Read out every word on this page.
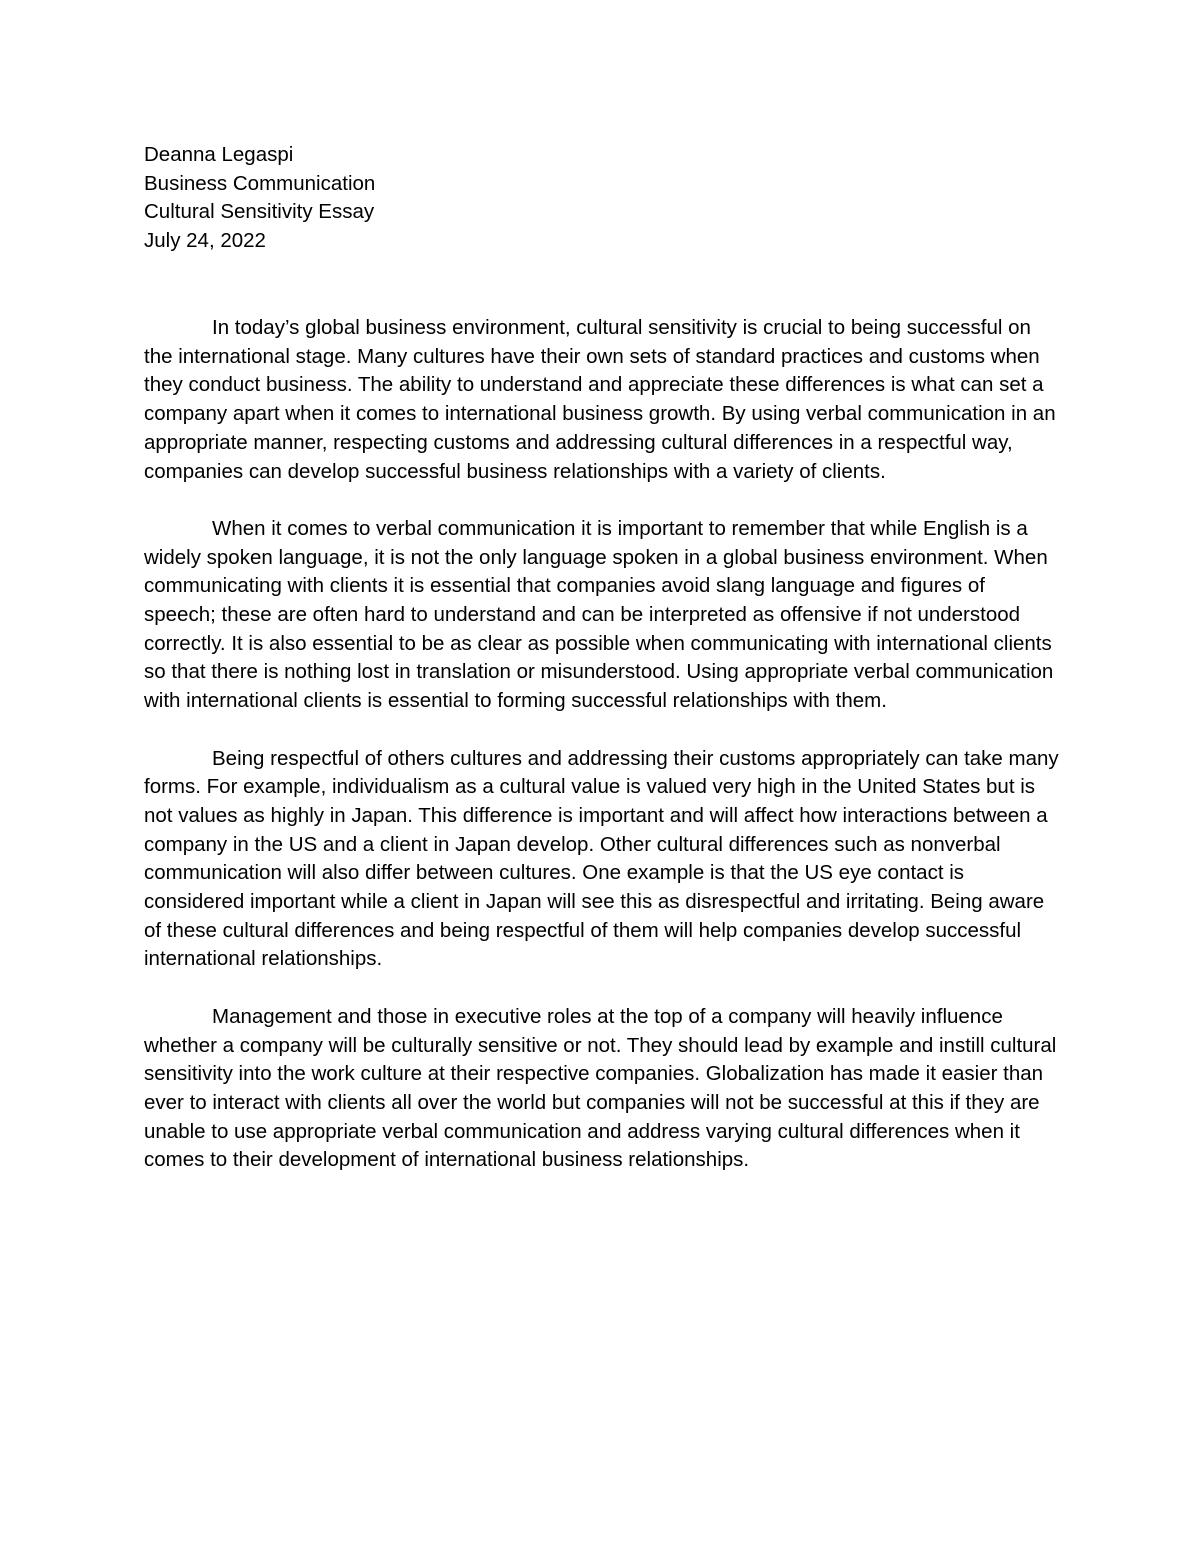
Deanna Legaspi
Business Communication
Cultural Sensitivity Essay
July 24, 2022

In today’s global business environment, cultural sensitivity is crucial to being successful on the international stage. Many cultures have their own sets of standard practices and customs when they conduct business. The ability to understand and appreciate these differences is what can set a company apart when it comes to international business growth. By using verbal communication in an appropriate manner, respecting customs and addressing cultural differences in a respectful way, companies can develop successful business relationships with a variety of clients.

When it comes to verbal communication it is important to remember that while English is a widely spoken language, it is not the only language spoken in a global business environment. When communicating with clients it is essential that companies avoid slang language and figures of speech; these are often hard to understand and can be interpreted as offensive if not understood correctly. It is also essential to be as clear as possible when communicating with international clients so that there is nothing lost in translation or misunderstood. Using appropriate verbal communication with international clients is essential to forming successful relationships with them.

Being respectful of others cultures and addressing their customs appropriately can take many forms. For example, individualism as a cultural value is valued very high in the United States but is not values as highly in Japan. This difference is important and will affect how interactions between a company in the US and a client in Japan develop. Other cultural differences such as nonverbal communication will also differ between cultures. One example is that the US eye contact is considered important while a client in Japan will see this as disrespectful and irritating. Being aware of these cultural differences and being respectful of them will help companies develop successful international relationships.

Management and those in executive roles at the top of a company will heavily influence whether a company will be culturally sensitive or not. They should lead by example and instill cultural sensitivity into the work culture at their respective companies. Globalization has made it easier than ever to interact with clients all over the world but companies will not be successful at this if they are unable to use appropriate verbal communication and address varying cultural differences when it comes to their development of international business relationships.
